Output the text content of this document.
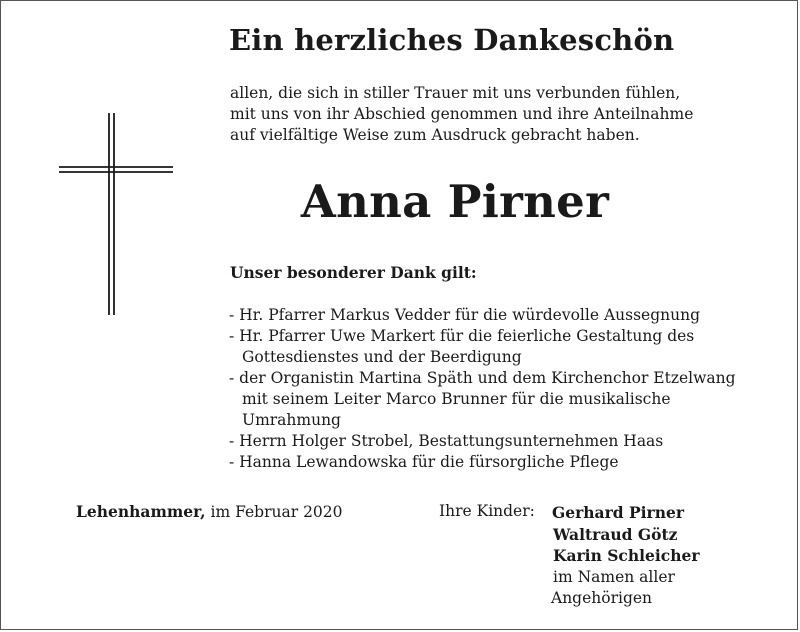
Ein herzliches Dankeschön
allen, die sich in stiller Trauer mit uns verbunden fühlen,
mit uns von ihr Abschied genommen und ihre Anteilnahme
auf vielfältige Weise zum Ausdruck gebracht haben.
Anna Pirner
Unser besonderer Dank gilt:
- Hr. Pfarrer Markus Vedder für die würdevolle Aussegnung
- Hr. Pfarrer Uwe Markert für die feierliche Gestaltung des
Gottesdienstes und der Beerdigung
- der Organistin Martina Späth und dem Kirchenchor Etzelwang
mit seinem Leiter Marco Brunner für die musikalische
Umrahmung
- Herrn Holger Strobel, Bestattungsunternehmen Haas
- Hanna Lewandowska für die fürsorgliche Pflege
Lehenhammer, im Februar 2020	Ihre Kinder: Gerhard Pirner
Waltraud Götz
Karin Schleicher
im Namen aller
Angehörigen
